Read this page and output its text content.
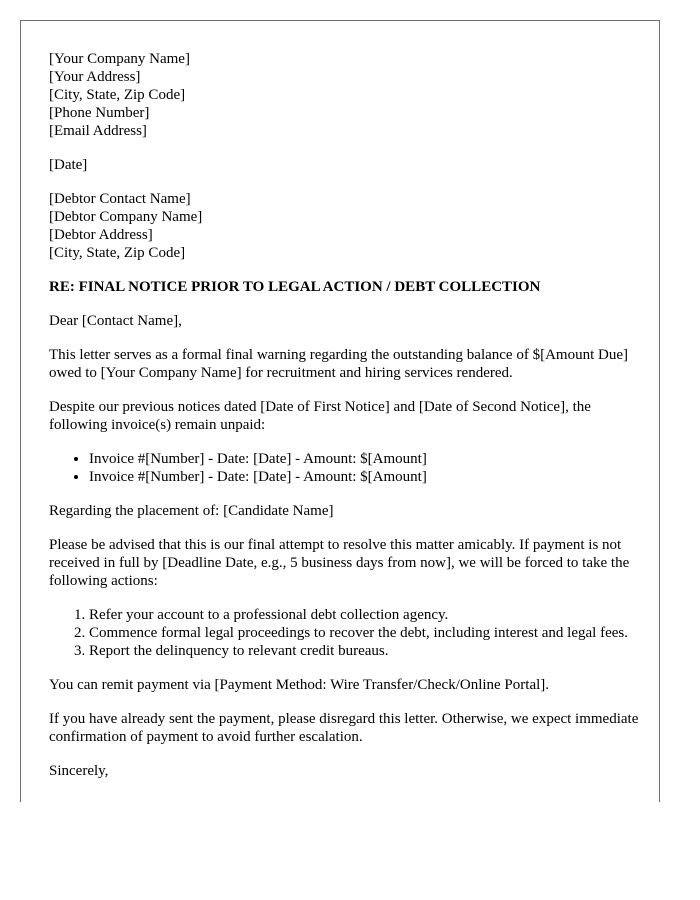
[Your Company Name]
[Your Address]
[City, State, Zip Code]
[Phone Number]
[Email Address]

[Date]

[Debtor Contact Name]
[Debtor Company Name]
[Debtor Address]
[City, State, Zip Code]

RE: FINAL NOTICE PRIOR TO LEGAL ACTION / DEBT COLLECTION

Dear [Contact Name],

This letter serves as a formal final warning regarding the outstanding balance of $[Amount Due] owed to [Your Company Name] for recruitment and hiring services rendered.

Despite our previous notices dated [Date of First Notice] and [Date of Second Notice], the following invoice(s) remain unpaid:

• Invoice #[Number] - Date: [Date] - Amount: $[Amount]
• Invoice #[Number] - Date: [Date] - Amount: $[Amount]

Regarding the placement of: [Candidate Name]

Please be advised that this is our final attempt to resolve this matter amicably. If payment is not received in full by [Deadline Date, e.g., 5 business days from now], we will be forced to take the following actions:

1. Refer your account to a professional debt collection agency.
2. Commence formal legal proceedings to recover the debt, including interest and legal fees.
3. Report the delinquency to relevant credit bureaus.

You can remit payment via [Payment Method: Wire Transfer/Check/Online Portal].

If you have already sent the payment, please disregard this letter. Otherwise, we expect immediate confirmation of payment to avoid further escalation.

Sincerely,
